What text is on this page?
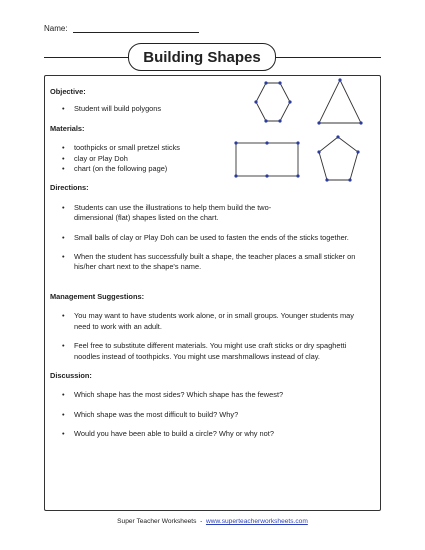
Name:
Building Shapes
Objective:
• Student will build polygons
Materials:
• toothpicks or small pretzel sticks
• clay or Play Doh
• chart (on the following page)
Directions:
• Students can use the illustrations to help them build the two-dimensional (flat) shapes listed on the chart.
• Small balls of clay or Play Doh can be used to fasten the ends of the sticks together.
• When the student has successfully built a shape, the teacher places a small sticker on his/her chart next to the shape's name.
Management Suggestions:
• You may want to have students work alone, or in small groups. Younger students may need to work with an adult.
• Feel free to substitute different materials. You might use craft sticks or dry spaghetti noodles instead of toothpicks. You might use marshmallows instead of clay.
Discussion:
• Which shape has the most sides? Which shape has the fewest?
• Which shape was the most difficult to build? Why?
• Would you have been able to build a circle? Why or why not?
Super Teacher Worksheets  -  www.superteacherworksheets.com
